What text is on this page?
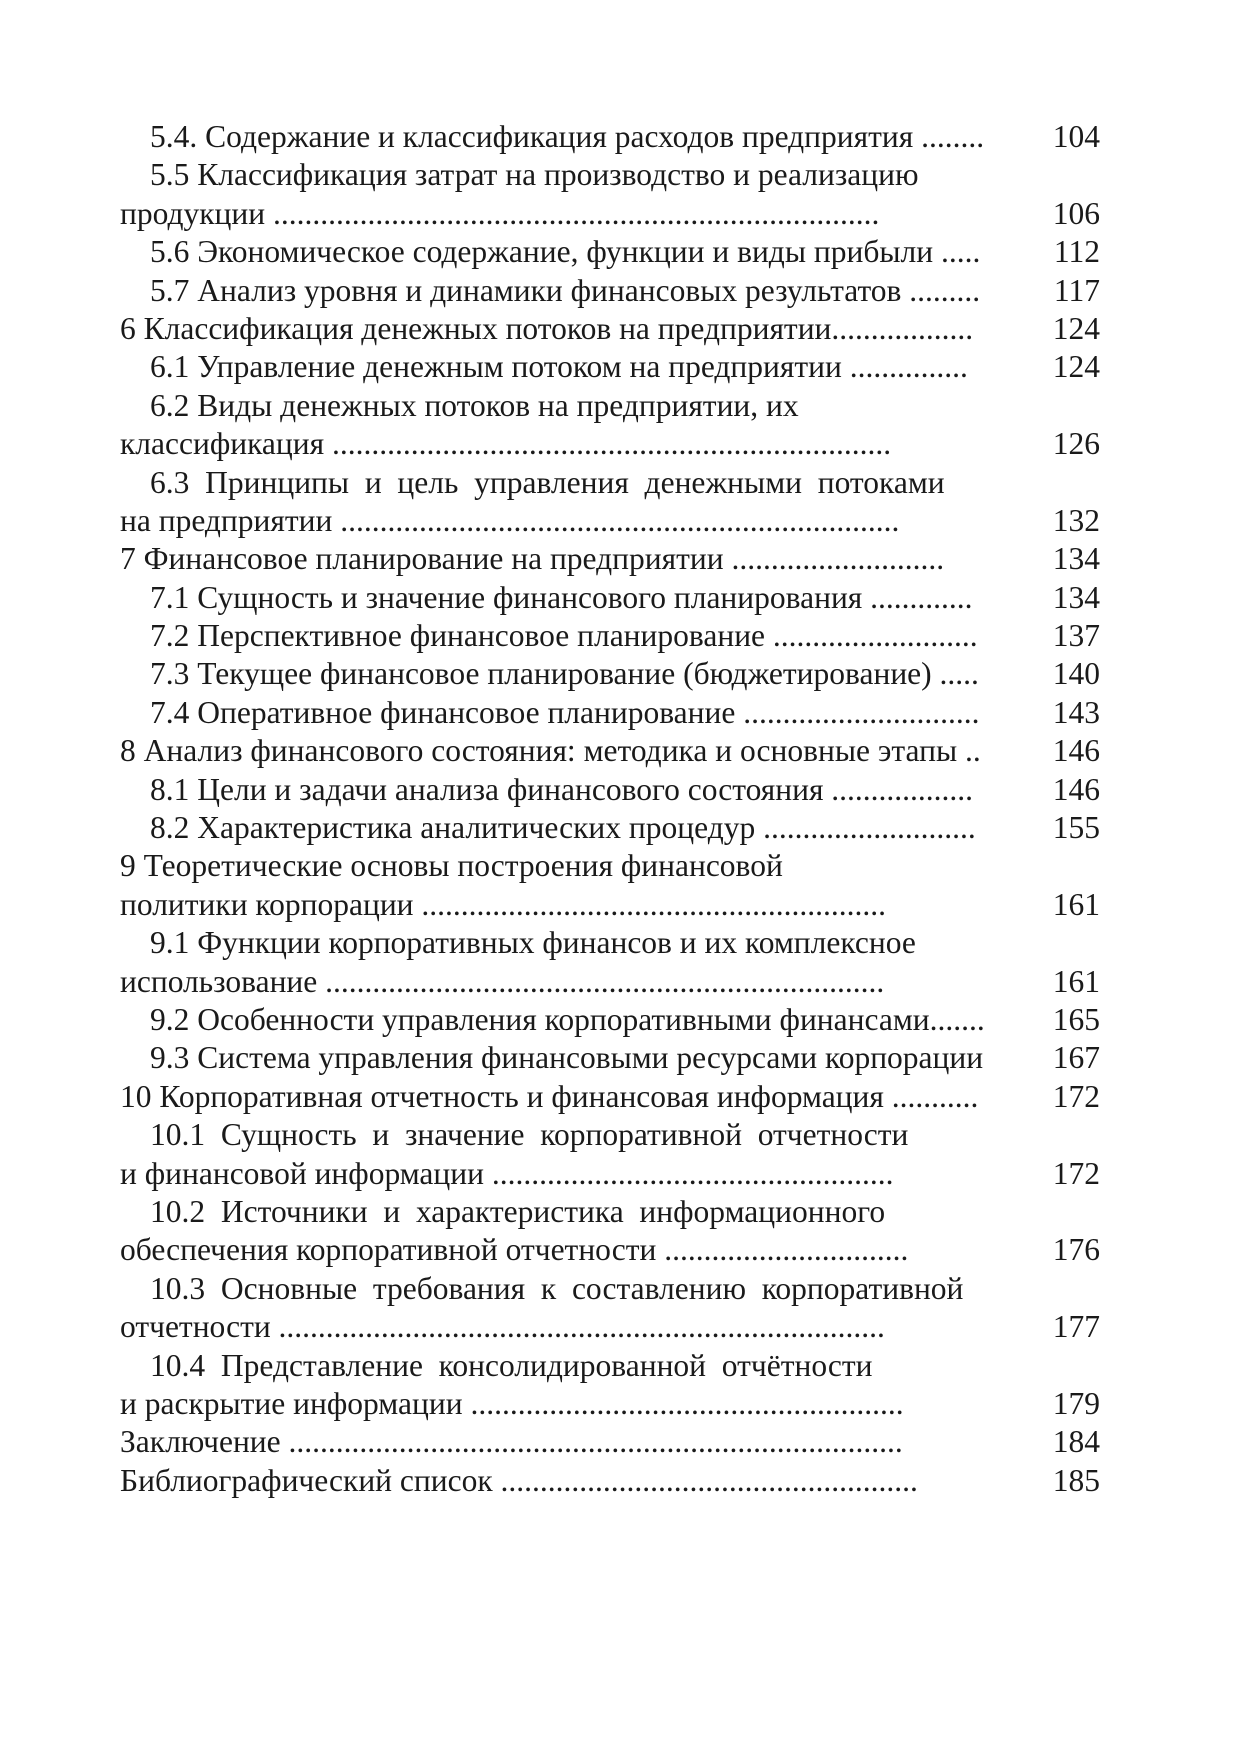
5.4. Содержание и классификация расходов предприятия ........	104
5.5 Классификация затрат на производство и реализацию
продукции .............................................................................	106
5.6 Экономическое содержание, функции и виды прибыли .....	112
5.7 Анализ уровня и динамики финансовых результатов .........	117
6 Классификация денежных потоков на предприятии..................	124
6.1 Управление денежным потоком на предприятии ...............	124
6.2 Виды денежных потоков на предприятии, их
классификация .......................................................................	126
6.3  Принципы  и  цель  управления  денежными  потоками
на предприятии .......................................................................	132
7 Финансовое планирование на предприятии ...........................	134
7.1 Сущность и значение финансового планирования .............	134
7.2 Перспективное финансовое планирование ..........................	137
7.3 Текущее финансовое планирование (бюджетирование) .....	140
7.4 Оперативное финансовое планирование ..............................	143
8 Анализ финансового состояния: методика и основные этапы ..	146
8.1 Цели и задачи анализа финансового состояния ..................	146
8.2 Характеристика аналитических процедур ...........................	155
9 Теоретические основы построения финансовой
политики корпорации ...........................................................	161
9.1 Функции корпоративных финансов и их комплексное
использование .......................................................................	161
9.2 Особенности управления корпоративными финансами.......	165
9.3 Система управления финансовыми ресурсами корпорации	167
10 Корпоративная отчетность и финансовая информация ...........	172
10.1  Сущность  и  значение  корпоративной  отчетности
и финансовой информации ...................................................	172
10.2  Источники  и  характеристика  информационного
обеспечения корпоративной отчетности ...............................	176
10.3  Основные  требования  к  составлению  корпоративной
отчетности .............................................................................	177
10.4  Представление  консолидированной  отчётности
и раскрытие информации .......................................................	179
Заключение ..............................................................................	184
Библиографический список .....................................................	185
